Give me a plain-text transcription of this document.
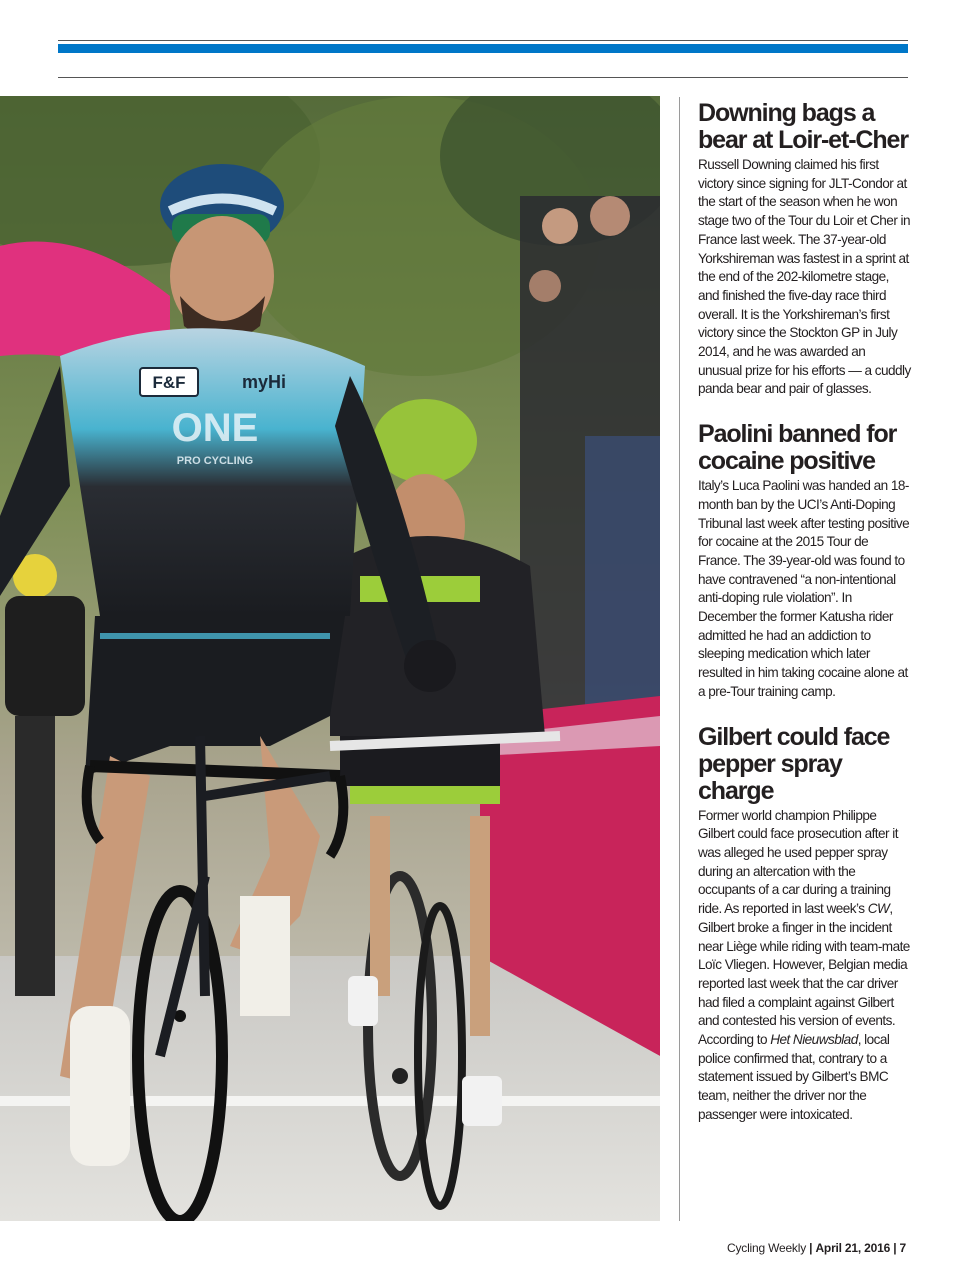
F&F	myHi
ONE
PRO CYCLING
Downing bags a bear at Loir-et-Cher

Russell Downing claimed his first victory since signing for JLT-Condor at the start of the season when he won stage two of the Tour du Loir et Cher in France last week. The 37-year-old Yorkshireman was fastest in a sprint at the end of the 202-kilometre stage, and finished the five-day race third overall. It is the Yorkshireman’s first victory since the Stockton GP in July 2014, and he was awarded an unusual prize for his efforts — a cuddly panda bear and pair of glasses.

Paolini banned for cocaine positive

Italy’s Luca Paolini was handed an 18-month ban by the UCI’s Anti-Doping Tribunal last week after testing positive for cocaine at the 2015 Tour de France. The 39-year-old was found to have contravened “a non-intentional anti-doping rule violation”. In December the former Katusha rider admitted he had an addiction to sleeping medication which later resulted in him taking cocaine alone at a pre-Tour training camp.

Gilbert could face pepper spray charge

Former world champion Philippe Gilbert could face prosecution after it was alleged he used pepper spray during an altercation with the occupants of a car during a training ride. As reported in last week’s CW, Gilbert broke a finger in the incident near Liège while riding with team-mate Loïc Vliegen. However, Belgian media reported last week that the car driver had filed a complaint against Gilbert and contested his version of events. According to Het Nieuwsblad, local police confirmed that, contrary to a statement issued by Gilbert’s BMC team, neither the driver nor the passenger were intoxicated.

Cycling Weekly | April 21, 2016 | 7
